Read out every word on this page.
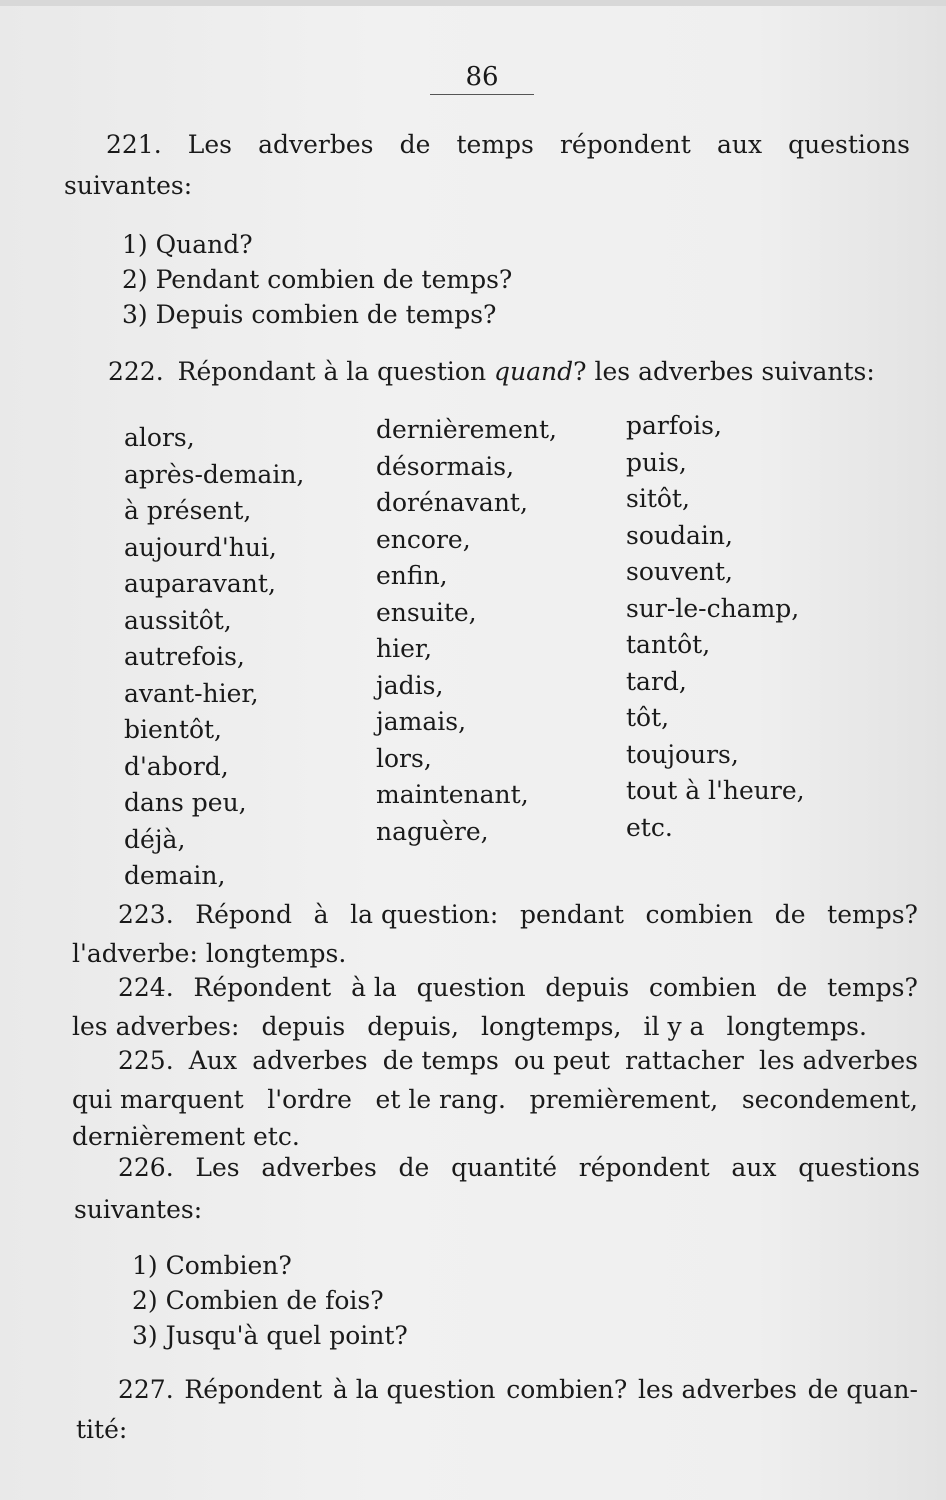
86
221. Les adverbes de temps répondent aux questions
suivantes:
1) Quand?
2) Pendant combien de temps?
3) Depuis combien de temps?
222. Répondant à la question quand? les adverbes suivants:
alors,
après-demain,
à présent,
aujourd'hui,
auparavant,
aussitôt,
autrefois,
avant-hier,
bientôt,
d'abord,
dans peu,
déjà,
demain,
dernièrement,
désormais,
dorénavant,
encore,
enfin,
ensuite,
hier,
jadis,
jamais,
lors,
maintenant,
naguère,
parfois,
puis,
sitôt,
soudain,
souvent,
sur-le-champ,
tantôt,
tard,
tôt,
toujours,
tout à l'heure,
etc.
223. Répond à la question: pendant combien de temps?
l'adverbe: longtemps.
224. Répondent à la question depuis combien de temps?
les adverbes: depuis depuis, longtemps, il y a longtemps.
225. Aux adverbes de temps ou peut rattacher les adverbes
qui marquent l'ordre et le rang. premièrement, secondement,
dernièrement etc.
226. Les adverbes de quantité répondent aux questions
suivantes:
1) Combien?
2) Combien de fois?
3) Jusqu'à quel point?
227. Répondent à la question combien? les adverbes de quan-
tité:
